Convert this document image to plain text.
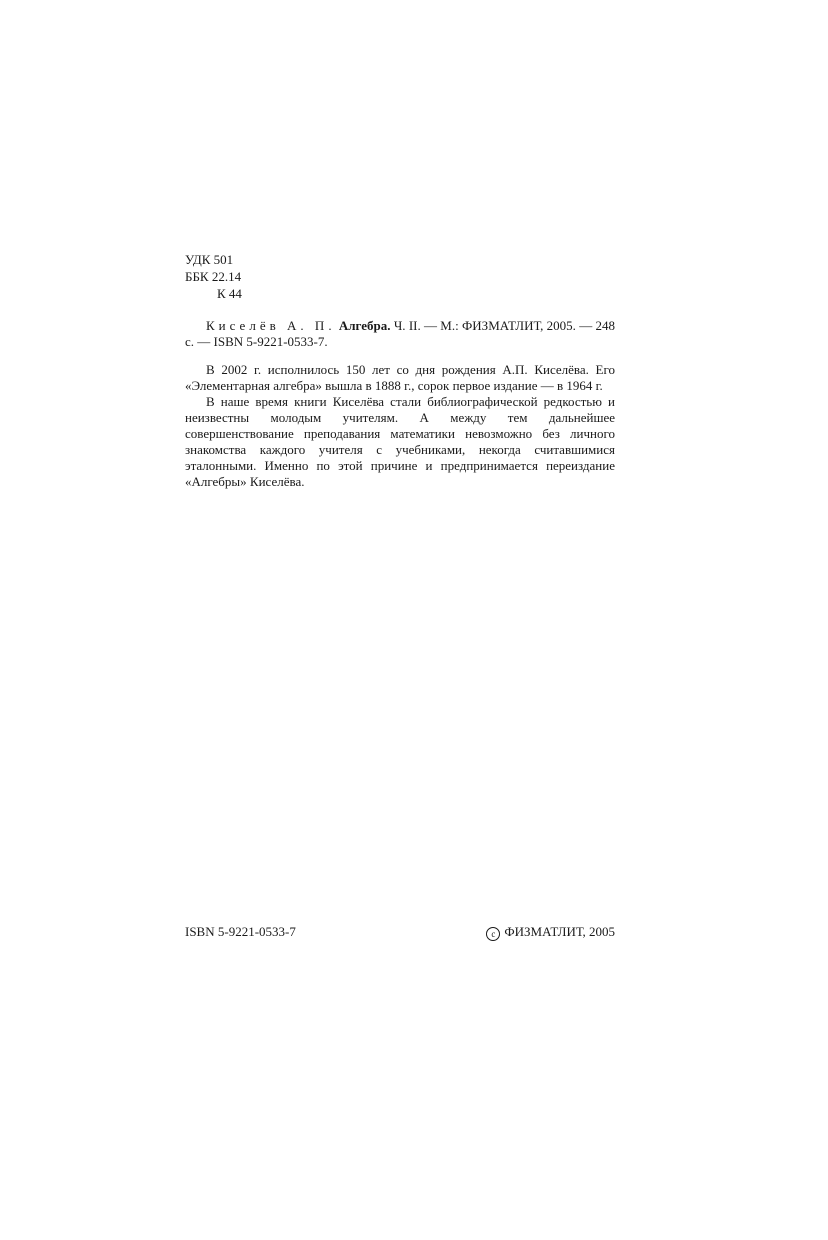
УДК 501
ББК 22.14
К 44

Киселёв А. П. Алгебра. Ч. II. — М.: ФИЗМАТЛИТ, 2005. — 248 с. — ISBN 5-9221-0533-7.

В 2002 г. исполнилось 150 лет со дня рождения А.П. Киселёва. Его «Элементарная алгебра» вышла в 1888 г., сорок первое издание — в 1964 г.

В наше время книги Киселёва стали библиографической редкостью и неизвестны молодым учителям. А между тем дальнейшее совершенствование преподавания математики невозможно без личного знакомства каждого учителя с учебниками, некогда считавшимися эталонными. Именно по этой причине и предпринимается переиздание «Алгебры» Киселёва.

ISBN 5-9221-0533-7	c ФИЗМАТЛИТ, 2005
